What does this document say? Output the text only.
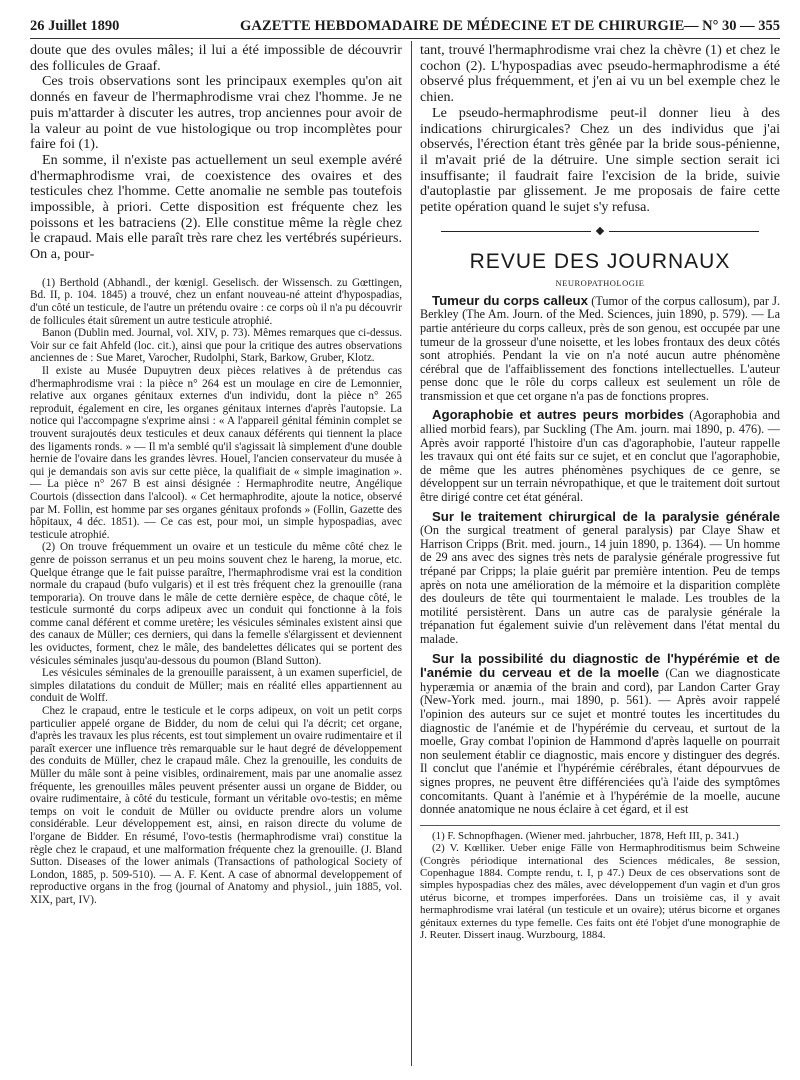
26 Juillet 1890	GAZETTE HEBDOMADAIRE DE MÉDECINE ET DE CHIRURGIE — N° 30 — 355

doute que des ovules mâles; il lui a été impossible de découvrir des follicules de Graaf.

Ces trois observations sont les principaux exemples qu'on ait donnés en faveur de l'hermaphrodisme vrai chez l'homme. Je ne puis m'attarder à discuter les autres, trop anciennes pour avoir de la valeur au point de vue histologique ou trop incomplètes pour faire foi (1).

En somme, il n'existe pas actuellement un seul exemple avéré d'hermaphrodisme vrai, de coexistence des ovaires et des testicules chez l'homme. Cette anomalie ne semble pas toutefois impossible, à priori. Cette disposition est fréquente chez les poissons et les batraciens (2). Elle constitue même la règle chez le crapaud. Mais elle paraît très rare chez les vertébrés supérieurs. On a, pour-

(1) Berthold (Abhandl., der kœnigl. Geselisch. der Wissensch. zu Gœttingen, Bd. II, p. 104. 1845) a trouvé, chez un enfant nouveau-né atteint d'hypospadias, d'un côté un testicule, de l'autre un prétendu ovaire : ce corps où il n'a pu découvrir de follicules était sûrement un autre testicule atrophié.

Banon (Dublin med. Journal, vol. XIV, p. 73). Mêmes remarques que ci-dessus. Voir sur ce fait Ahfeld (loc. cit.), ainsi que pour la critique des autres observations anciennes de : Sue Maret, Varocher, Rudolphi, Stark, Barkow, Gruber, Klotz.

Il existe au Musée Dupuytren deux pièces relatives à de prétendus cas d'hermaphrodisme vrai : la pièce n° 264 est un moulage en cire de Lemonnier, relative aux organes génitaux externes d'un individu, dont la pièce n° 265 reproduit, également en cire, les organes génitaux internes d'après l'autopsie. La notice qui l'accompagne s'exprime ainsi : « A l'appareil génital féminin complet se trouvent surajoutés deux testicules et deux canaux déférents qui tiennent la place des ligaments ronds. » — Il m'a semblé qu'il s'agissait là simplement d'une double hernie de l'ovaire dans les grandes lèvres. Houel, l'ancien conservateur du musée à qui je demandais son avis sur cette pièce, la qualifiait de « simple imagination ». — La pièce n° 267 B est ainsi désignée : Hermaphrodite neutre, Angélique Courtois (dissection dans l'alcool). « Cet hermaphrodite, ajoute la notice, observé par M. Follin, est homme par ses organes génitaux profonds » (Follin, Gazette des hôpitaux, 4 déc. 1851). — Ce cas est, pour moi, un simple hypospadias, avec testicule atrophié.

(2) On trouve fréquemment un ovaire et un testicule du même côté chez le genre de poisson serranus et un peu moins souvent chez le hareng, la morue, etc. Quelque étrange que le fait puisse paraître, l'hermaphrodisme vrai est la condition normale du crapaud (bufo vulgaris) et il est très fréquent chez la grenouille (rana temporaria). On trouve dans le mâle de cette dernière espèce, de chaque côté, le testicule surmonté du corps adipeux avec un conduit qui fonctionne à la fois comme canal déférent et comme uretère; les vésicules séminales existent ainsi que des canaux de Müller; ces derniers, qui dans la femelle s'élargissent et deviennent les oviductes, forment, chez le mâle, des bandelettes délicates qui se portent des vésicules séminales jusqu'au-dessous du poumon (Bland Sutton).

Les vésicules séminales de la grenouille paraissent, à un examen superficiel, de simples dilatations du conduit de Müller; mais en réalité elles appartiennent au conduit de Wolff.

Chez le crapaud, entre le testicule et le corps adipeux, on voit un petit corps particulier appelé organe de Bidder, du nom de celui qui l'a décrit; cet organe, d'après les travaux les plus récents, est tout simplement un ovaire rudimentaire et il paraît exercer une influence très remarquable sur le haut degré de développement des conduits de Müller, chez le crapaud mâle. Chez la grenouille, les conduits de Müller du mâle sont à peine visibles, ordinairement, mais par une anomalie assez fréquente, les grenouilles mâles peuvent présenter aussi un organe de Bidder, ou ovaire rudimentaire, à côté du testicule, formant un véritable ovo-testis; en même temps on voit le conduit de Müller ou oviducte prendre alors un volume considérable. Leur développement est, ainsi, en raison directe du volume de l'organe de Bidder. En résumé, l'ovo-testis (hermaphrodisme vrai) constitue la règle chez le crapaud, et une malformation fréquente chez la grenouille. (J. Bland Sutton. Diseases of the lower animals (Transactions of pathological Society of London, 1885, p. 509-510). — A. F. Kent. A case of abnormal developpement of reproductive organs in the frog (journal of Anatomy and physiol., juin 1885, vol. XIX, part, IV).

tant, trouvé l'hermaphrodisme vrai chez la chèvre (1) et chez le cochon (2). L'hypospadias avec pseudo-hermaphrodisme a été observé plus fréquemment, et j'en ai vu un bel exemple chez le chien.

Le pseudo-hermaphrodisme peut-il donner lieu à des indications chirurgicales? Chez un des individus que j'ai observés, l'érection étant très gênée par la bride sous-pénienne, il m'avait prié de la détruire. Une simple section serait ici insuffisante; il faudrait faire l'excision de la bride, suivie d'autoplastie par glissement. Je me proposais de faire cette petite opération quand le sujet s'y refusa.

REVUE DES JOURNAUX
NEUROPATHOLOGIE

Tumeur du corps calleux (Tumor of the corpus callosum), par J. Berkley (The Am. Journ. of the Med. Sciences, juin 1890, p. 579). — La partie antérieure du corps calleux, près de son genou, est occupée par une tumeur de la grosseur d'une noisette, et les lobes frontaux des deux côtés sont atrophiés. Pendant la vie on n'a noté aucun autre phénomène cérébral que de l'affaiblissement des fonctions intellectuelles. L'auteur pense donc que le rôle du corps calleux est seulement un rôle de transmission et que cet organe n'a pas de fonctions propres.

Agoraphobie et autres peurs morbides (Agoraphobia and allied morbid fears), par Suckling (The Am. journ. mai 1890, p. 476). — Après avoir rapporté l'histoire d'un cas d'agoraphobie, l'auteur rappelle les travaux qui ont été faits sur ce sujet, et en conclut que l'agoraphobie, de même que les autres phénomènes psychiques de ce genre, se développent sur un terrain névropathique, et que le traitement doit surtout être dirigé contre cet état général.

Sur le traitement chirurgical de la paralysie générale (On the surgical treatment of general paralysis) par Claye Shaw et Harrison Cripps (Brit. med. journ., 14 juin 1890, p. 1364). — Un homme de 29 ans avec des signes très nets de paralysie générale progressive fut trépané par Cripps; la plaie guérit par première intention. Peu de temps après on nota une amélioration de la mémoire et la disparition complète des douleurs de tête qui tourmentaient le malade. Les troubles de la motilité persistèrent. Dans un autre cas de paralysie générale la trépanation fut également suivie d'un relèvement dans l'état mental du malade.

Sur la possibilité du diagnostic de l'hypérémie et de l'anémie du cerveau et de la moelle (Can we diagnosticate hyperæmia or anæmia of the brain and cord), par Landon Carter Gray (New-York med. journ., mai 1890, p. 561). — Après avoir rappelé l'opinion des auteurs sur ce sujet et montré toutes les incertitudes du diagnostic de l'anémie et de l'hypérémie du cerveau, et surtout de la moelle, Gray combat l'opinion de Hammond d'après laquelle on pourrait non seulement établir ce diagnostic, mais encore y distinguer des degrés. Il conclut que l'anémie et l'hypérémie cérébrales, étant dépourvues de signes propres, ne peuvent être différenciées qu'à l'aide des symptômes concomitants. Quant à l'anémie et à l'hypérémie de la moelle, aucune donnée anatomique ne nous éclaire à cet égard, et il est

(1) F. Schnopfhagen. (Wiener med. jahrbucher, 1878, Heft III, p. 341.)

(2) V. Kœlliker. Ueber enige Fälle von Hermaphroditismus beim Schweine (Congrès périodique international des Sciences médicales, 8e session, Copenhague 1884. Compte rendu, t. I, p 47.) Deux de ces observations sont de simples hypospadias chez des mâles, avec développement d'un vagin et d'un gros utérus bicorne, et trompes imperforées. Dans un troisième cas, il y avait hermaphrodisme vrai latéral (un testicule et un ovaire); utérus bicorne et organes génitaux externes du type femelle. Ces faits ont été l'objet d'une monographie de J. Reuter. Dissert inaug. Wurzbourg, 1884.
